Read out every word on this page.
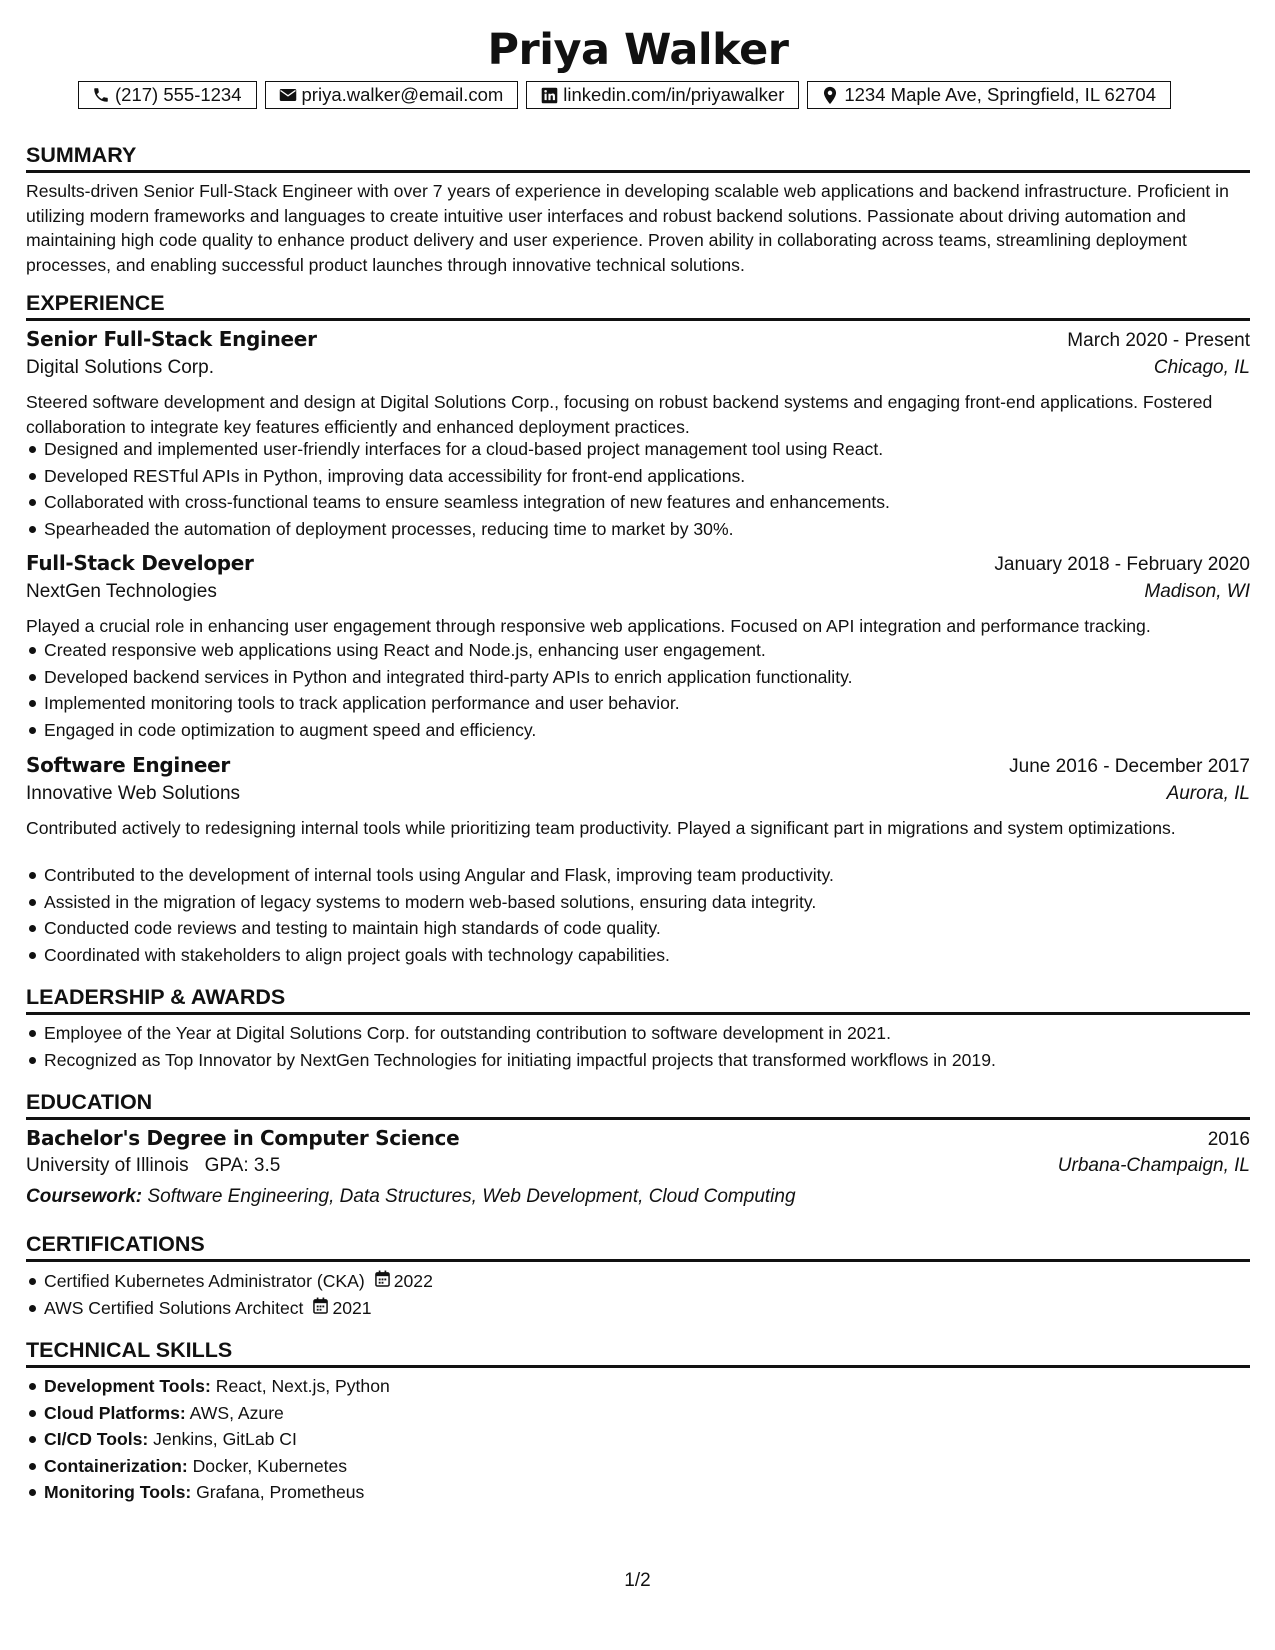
Priya Walker
(217) 555-1234	priya.walker@email.com	linkedin.com/in/priyawalker	1234 Maple Ave, Springfield, IL 62704
SUMMARY
Results-driven Senior Full-Stack Engineer with over 7 years of experience in developing scalable web applications and backend infrastructure. Proficient in utilizing modern frameworks and languages to create intuitive user interfaces and robust backend solutions. Passionate about driving automation and maintaining high code quality to enhance product delivery and user experience. Proven ability in collaborating across teams, streamlining deployment processes, and enabling successful product launches through innovative technical solutions.
EXPERIENCE
Senior Full-Stack Engineer	March 2020 - Present
Digital Solutions Corp.	Chicago, IL
Steered software development and design at Digital Solutions Corp., focusing on robust backend systems and engaging front-end applications. Fostered collaboration to integrate key features efficiently and enhanced deployment practices.
Designed and implemented user-friendly interfaces for a cloud-based project management tool using React.
Developed RESTful APIs in Python, improving data accessibility for front-end applications.
Collaborated with cross-functional teams to ensure seamless integration of new features and enhancements.
Spearheaded the automation of deployment processes, reducing time to market by 30%.
Full-Stack Developer	January 2018 - February 2020
NextGen Technologies	Madison, WI
Played a crucial role in enhancing user engagement through responsive web applications. Focused on API integration and performance tracking.
Created responsive web applications using React and Node.js, enhancing user engagement.
Developed backend services in Python and integrated third-party APIs to enrich application functionality.
Implemented monitoring tools to track application performance and user behavior.
Engaged in code optimization to augment speed and efficiency.
Software Engineer	June 2016 - December 2017
Innovative Web Solutions	Aurora, IL
Contributed actively to redesigning internal tools while prioritizing team productivity. Played a significant part in migrations and system optimizations.
Contributed to the development of internal tools using Angular and Flask, improving team productivity.
Assisted in the migration of legacy systems to modern web-based solutions, ensuring data integrity.
Conducted code reviews and testing to maintain high standards of code quality.
Coordinated with stakeholders to align project goals with technology capabilities.
LEADERSHIP & AWARDS
Employee of the Year at Digital Solutions Corp. for outstanding contribution to software development in 2021.
Recognized as Top Innovator by NextGen Technologies for initiating impactful projects that transformed workflows in 2019.
EDUCATION
Bachelor's Degree in Computer Science	2016
University of Illinois GPA: 3.5	Urbana-Champaign, IL
Coursework: Software Engineering, Data Structures, Web Development, Cloud Computing
CERTIFICATIONS
Certified Kubernetes Administrator (CKA) 2022
AWS Certified Solutions Architect 2021
TECHNICAL SKILLS
Development Tools: React, Next.js, Python
Cloud Platforms: AWS, Azure
CI/CD Tools: Jenkins, GitLab CI
Containerization: Docker, Kubernetes
Monitoring Tools: Grafana, Prometheus
1/2
